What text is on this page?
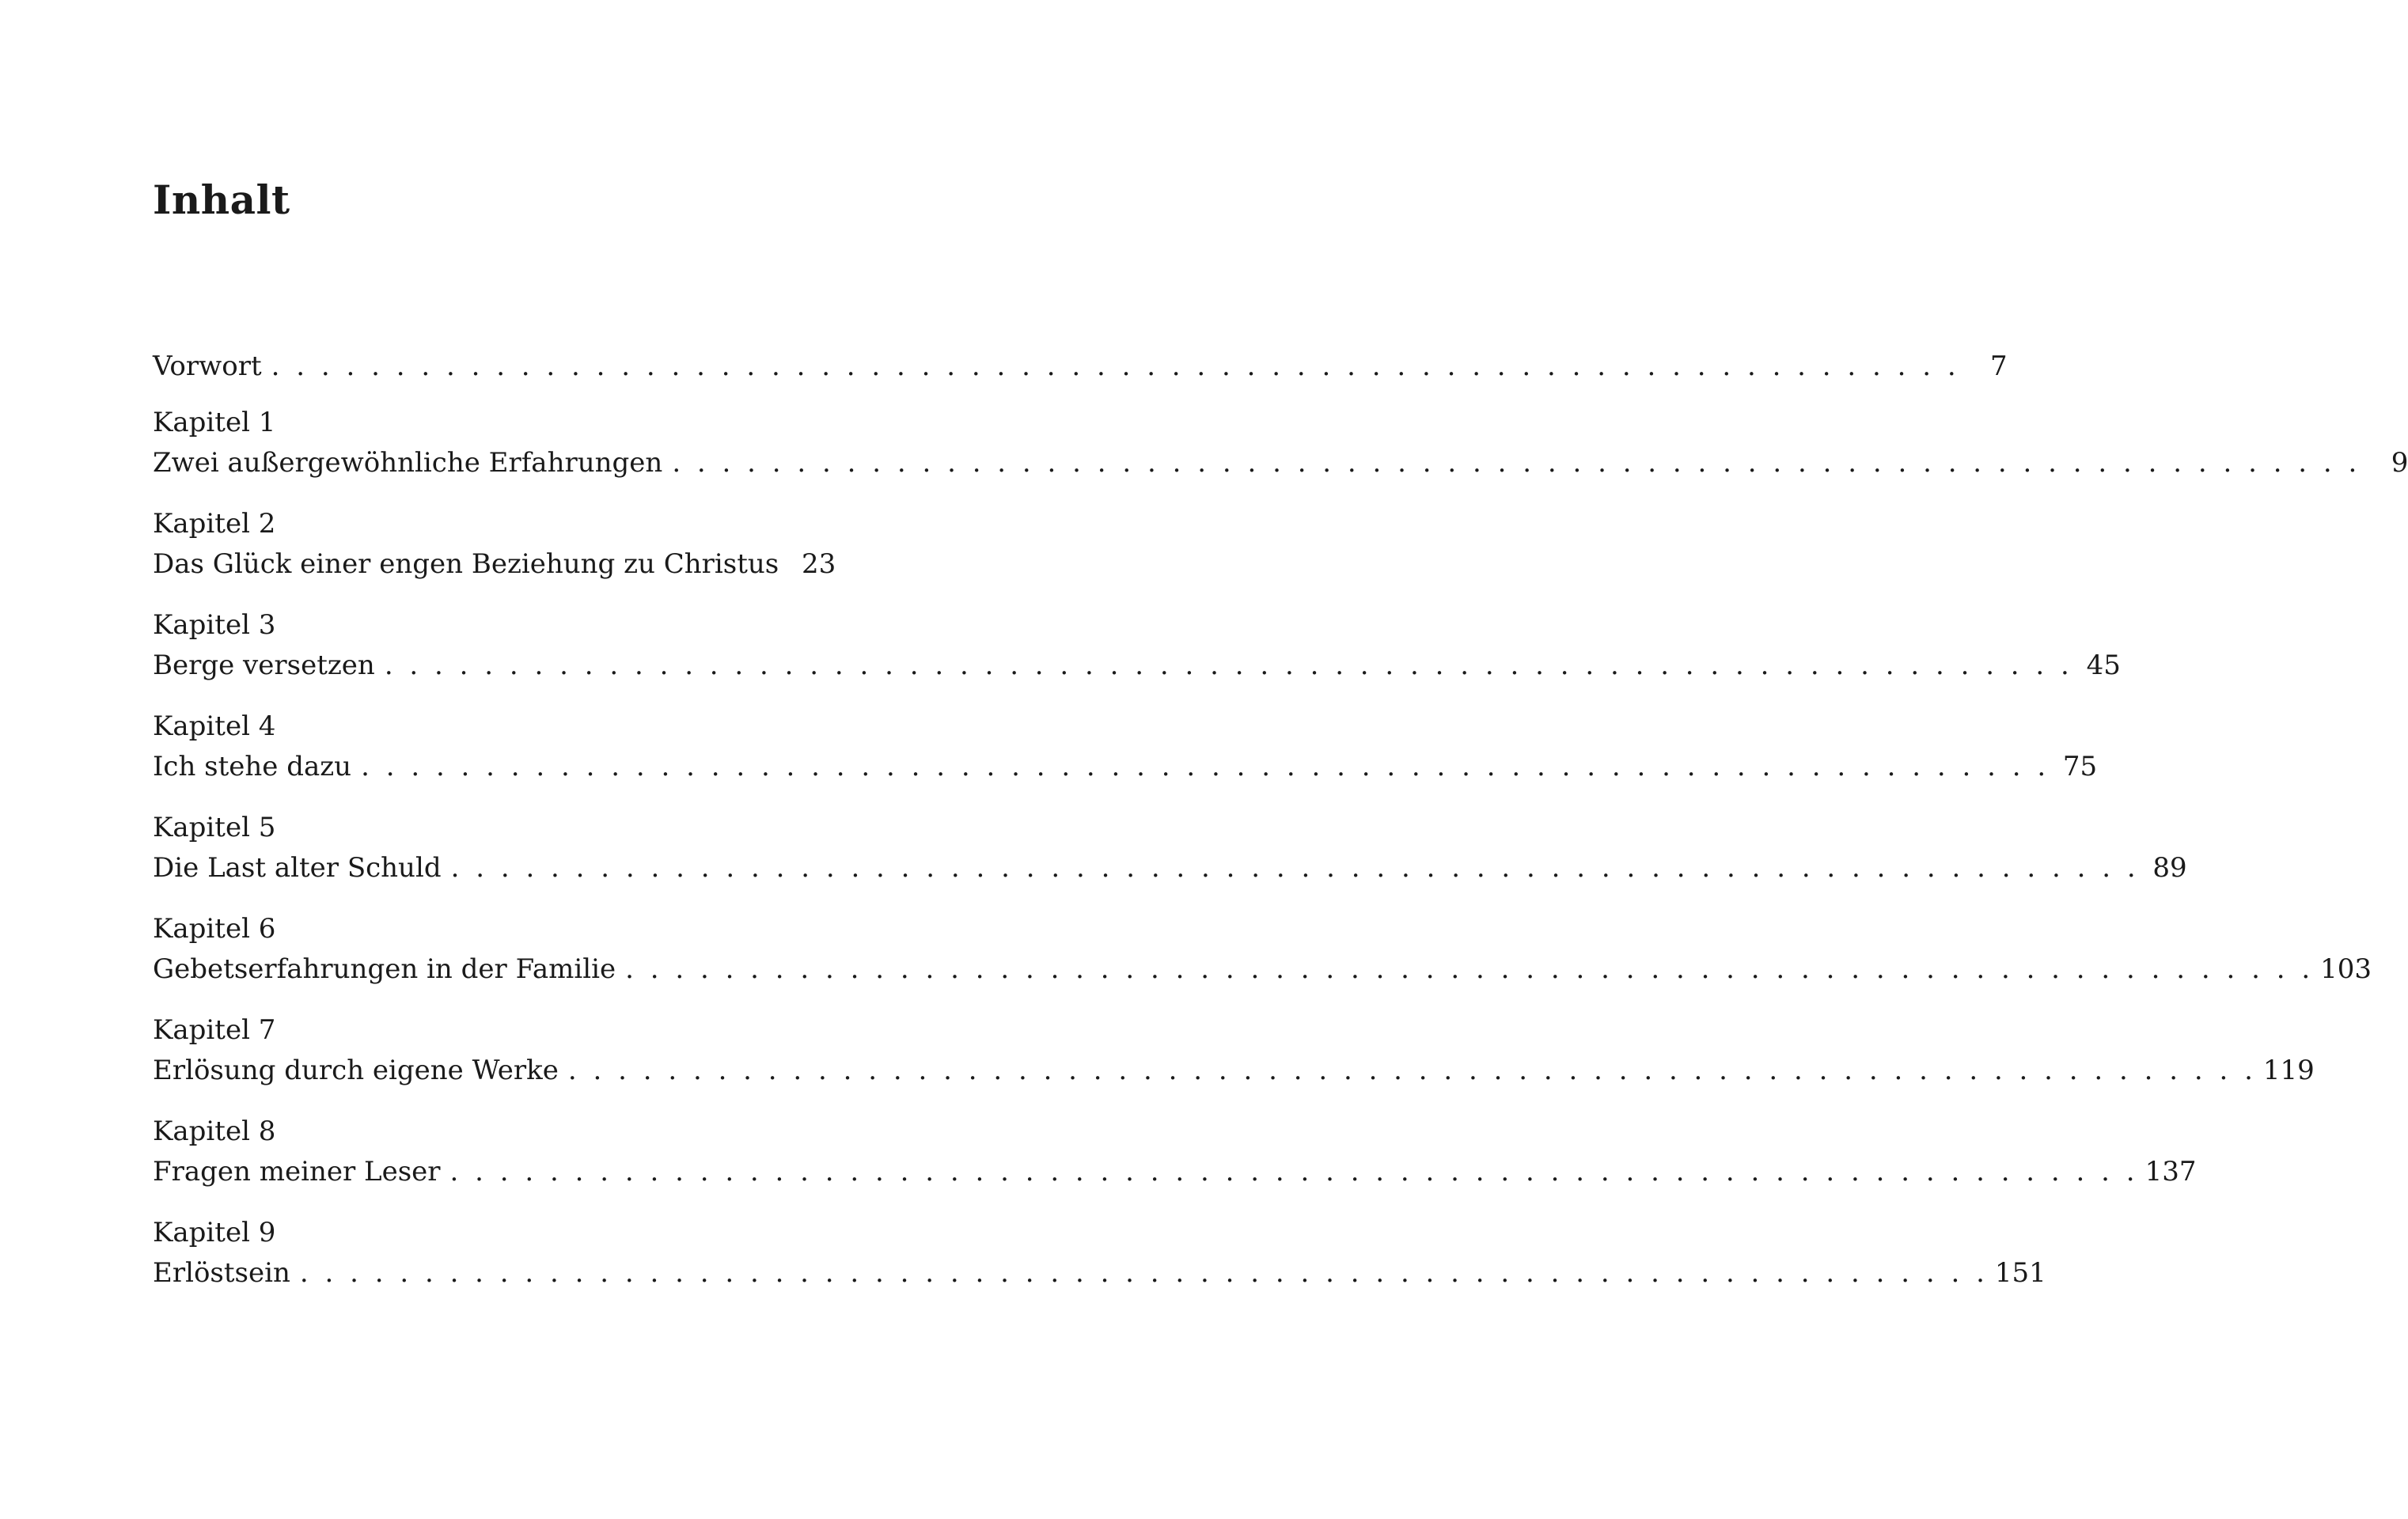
Inhalt
Vorwort . . . . . . . . . . . . . . . . . . . . . . . . . . . . . . . . . . . . . . . . . . . . . . . . . . . . . . . . . . . . . . . . . . . .	7
Kapitel 1
Zwei außergewöhnliche Erfahrungen . . . . . . . . . . . . . . . . . . . . . . . . . . . . . . . . . . . . . . . . . . . . . . . . . . . . . . . . . . . . . . . . . . . .	9
Kapitel 2
Das Glück einer engen Beziehung zu Christus 23
Kapitel 3
Berge versetzen . . . . . . . . . . . . . . . . . . . . . . . . . . . . . . . . . . . . . . . . . . . . . . . . . . . . . . . . . . . . . . . . . . . . 45
Kapitel 4
Ich stehe dazu . . . . . . . . . . . . . . . . . . . . . . . . . . . . . . . . . . . . . . . . . . . . . . . . . . . . . . . . . . . . . . . . . . . . 75
Kapitel 5
Die Last alter Schuld . . . . . . . . . . . . . . . . . . . . . . . . . . . . . . . . . . . . . . . . . . . . . . . . . . . . . . . . . . . . . . . . . . . . 89
Kapitel 6
Gebetserfahrungen in der Familie . . . . . . . . . . . . . . . . . . . . . . . . . . . . . . . . . . . . . . . . . . . . . . . . . . . . . . . . . . . . . . . . . . . . 103
Kapitel 7
Erlösung durch eigene Werke . . . . . . . . . . . . . . . . . . . . . . . . . . . . . . . . . . . . . . . . . . . . . . . . . . . . . . . . . . . . . . . . . . . . 119
Kapitel 8
Fragen meiner Leser . . . . . . . . . . . . . . . . . . . . . . . . . . . . . . . . . . . . . . . . . . . . . . . . . . . . . . . . . . . . . . . . . . . . 137
Kapitel 9
Erlöstsein . . . . . . . . . . . . . . . . . . . . . . . . . . . . . . . . . . . . . . . . . . . . . . . . . . . . . . . . . . . . . . . . . . . . 151
